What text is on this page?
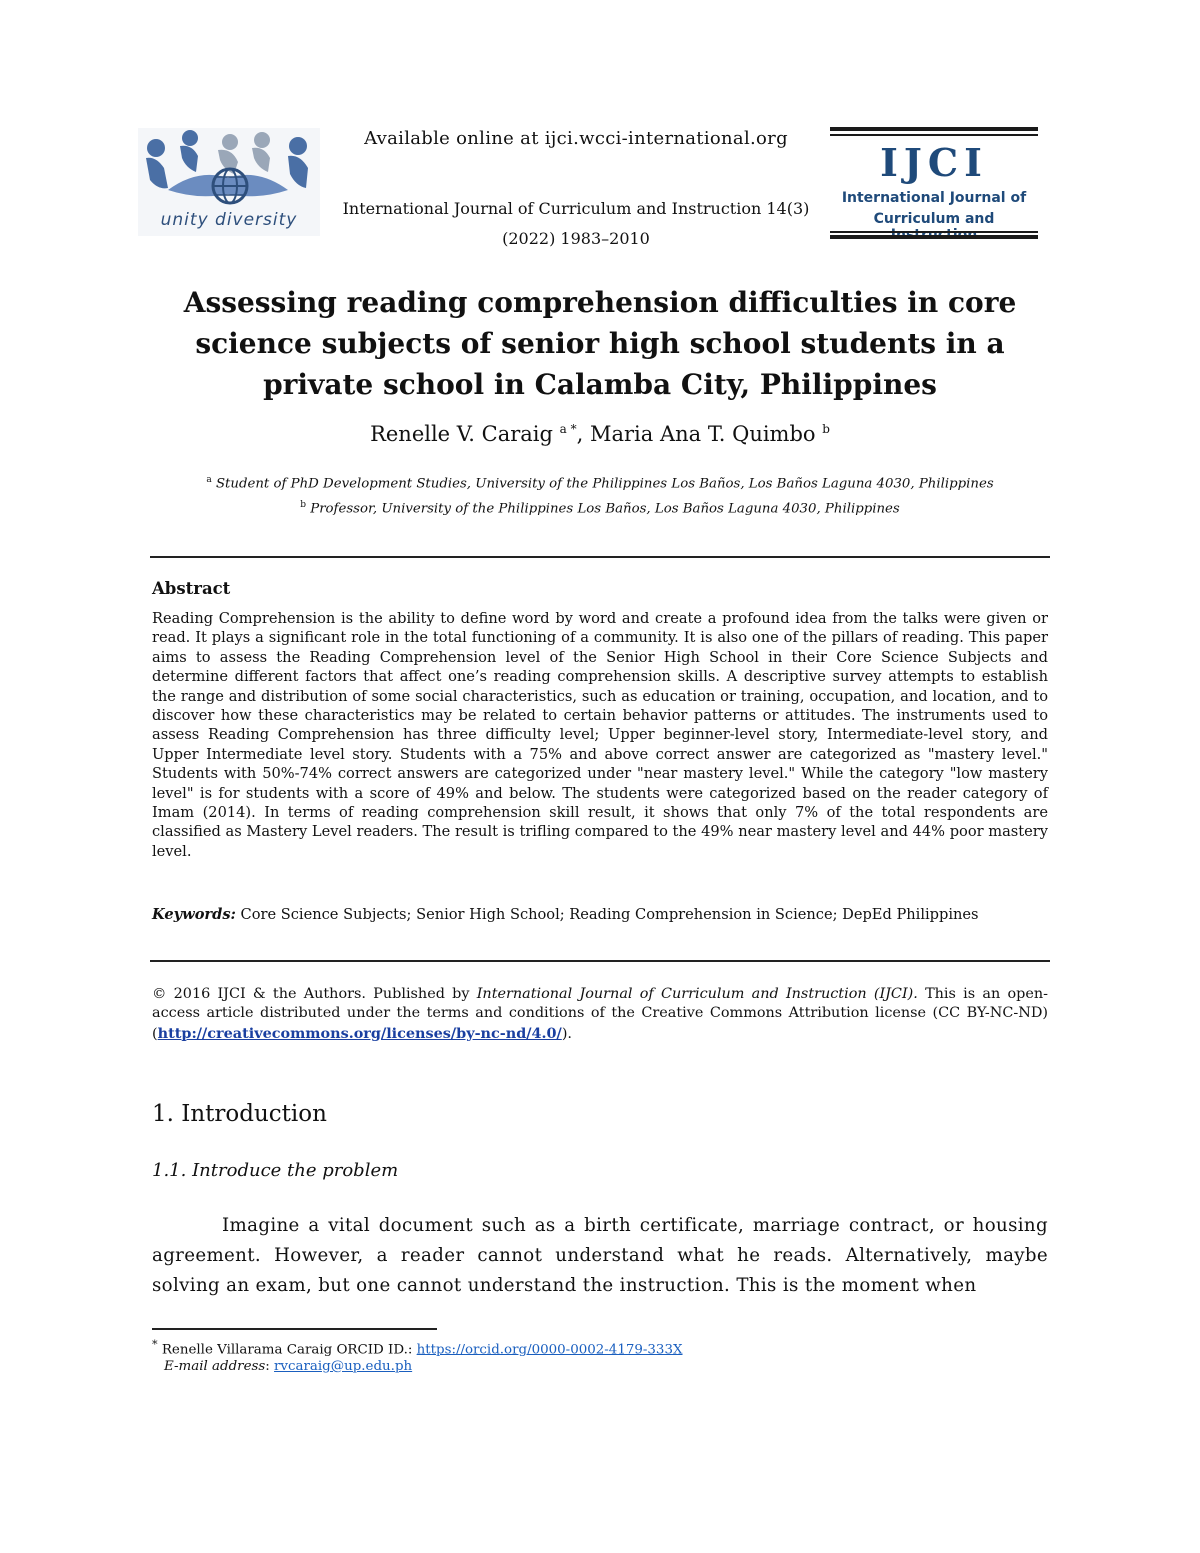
unity diversity
Available online at ijci.wcci-international.org
International Journal of Curriculum and Instruction 14(3)
(2022) 1983–2010
IJCI
International Journal of
Curriculum and
Assessing reading comprehension difficulties in core science subjects of senior high school students in a private school in Calamba City, Philippines
Renelle V. Caraig $^{a *}$, Maria Ana T. Quimbo $^b$
$^a$ Student of PhD Development Studies, University of the Philippines Los Baños, Los Baños Laguna 4030, Philippines
$^b$ Professor, University of the Philippines Los Baños, Los Baños Laguna 4030, Philippines
Abstract
Reading Comprehension is the ability to define word by word and create a profound idea from the talks were given or read. It plays a significant role in the total functioning of a community. It is also one of the pillars of reading. This paper aims to assess the Reading Comprehension level of the Senior High School in their Core Science Subjects and determine different factors that affect one’s reading comprehension skills. A descriptive survey attempts to establish the range and distribution of some social characteristics, such as education or training, occupation, and location, and to discover how these characteristics may be related to certain behavior patterns or attitudes. The instruments used to assess Reading Comprehension has three difficulty level; Upper beginner-level story, Intermediate-level story, and Upper Intermediate level story. Students with a 75% and above correct answer are categorized as "mastery level." Students with 50%-74% correct answers are categorized under "near mastery level." While the category "low mastery level" is for students with a score of 49% and below. The students were categorized based on the reader category of Imam (2014). In terms of reading comprehension skill result, it shows that only 7% of the total respondents are classified as Mastery Level readers. The result is trifling compared to the 49% near mastery level and 44% poor mastery level.
Keywords: Core Science Subjects; Senior High School; Reading Comprehension in Science; DepEd Philippines
© 2016 IJCI & the Authors. Published by International Journal of Curriculum and Instruction (IJCI). This is an open-access article distributed under the terms and conditions of the Creative Commons Attribution license (CC BY-NC-ND) (http://creativecommons.org/licenses/by-nc-nd/4.0/).
1. Introduction
1.1. Introduce the problem
Imagine a vital document such as a birth certificate, marriage contract, or housing agreement. However, a reader cannot understand what he reads. Alternatively, maybe solving an exam, but one cannot understand the instruction. This is the moment when
* Renelle Villarama Caraig ORCID ID.: https://orcid.org/0000-0002-4179-333X
E-mail address: rvcaraig@up.edu.ph
